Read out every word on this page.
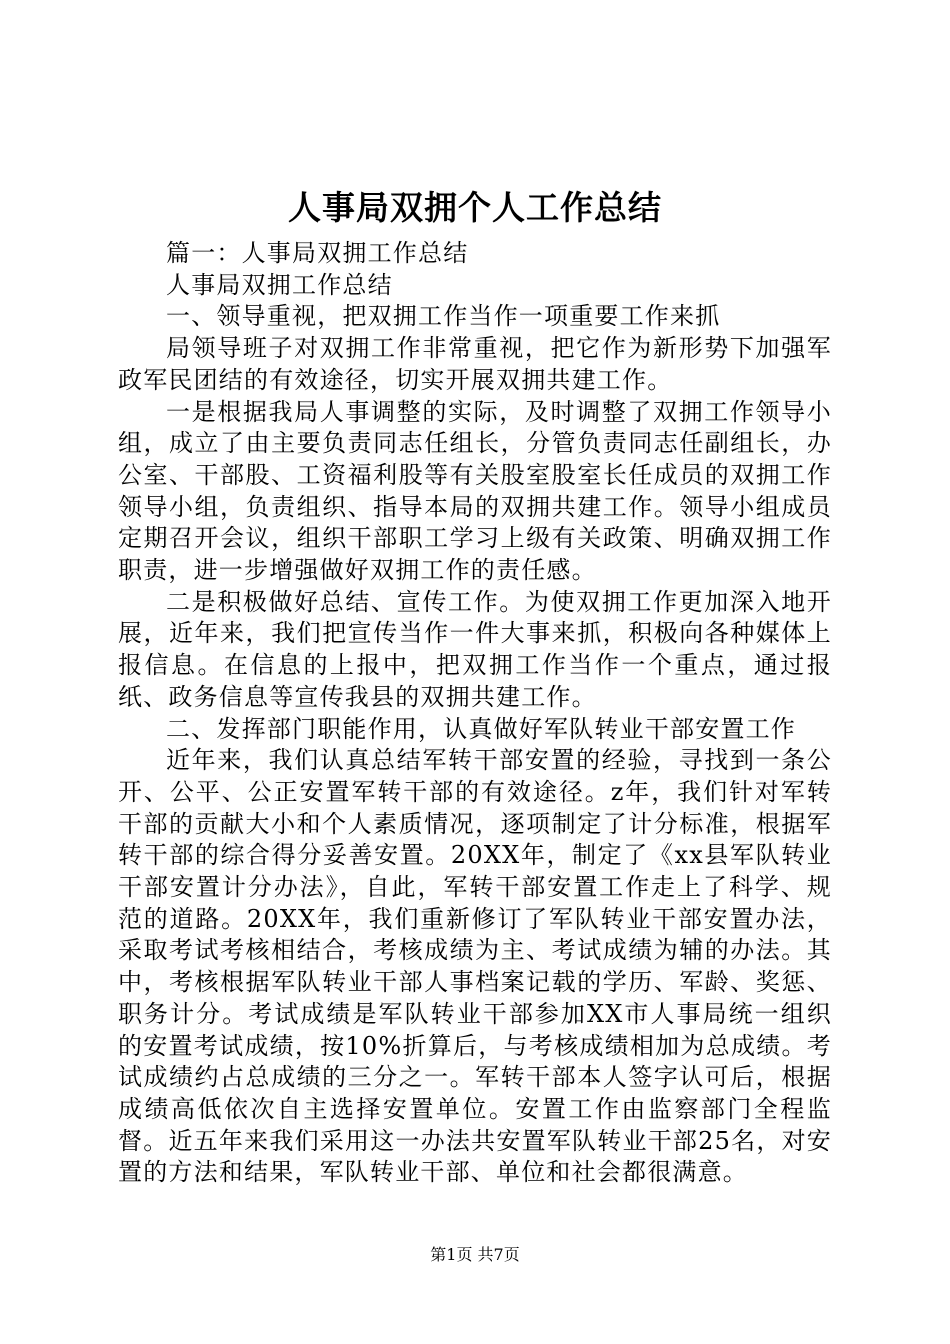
人事局双拥个人工作总结

篇一：人事局双拥工作总结

人事局双拥工作总结

一、领导重视，把双拥工作当作一项重要工作来抓

局领导班子对双拥工作非常重视，把它作为新形势下加强军政军民团结的有效途径，切实开展双拥共建工作。

一是根据我局人事调整的实际，及时调整了双拥工作领导小组，成立了由主要负责同志任组长，分管负责同志任副组长，办公室、干部股、工资福利股等有关股室股室长任成员的双拥工作领导小组，负责组织、指导本局的双拥共建工作。领导小组成员定期召开会议，组织干部职工学习上级有关政策、明确双拥工作职责，进一步增强做好双拥工作的责任感。

二是积极做好总结、宣传工作。为使双拥工作更加深入地开展，近年来，我们把宣传当作一件大事来抓，积极向各种媒体上报信息。在信息的上报中，把双拥工作当作一个重点，通过报纸、政务信息等宣传我县的双拥共建工作。

二、发挥部门职能作用，认真做好军队转业干部安置工作

近年来，我们认真总结军转干部安置的经验，寻找到一条公开、公平、公正安置军转干部的有效途径。z年，我们针对军转干部的贡献大小和个人素质情况，逐项制定了计分标准，根据军转干部的综合得分妥善安置。20XX年，制定了《xx县军队转业干部安置计分办法》，自此，军转干部安置工作走上了科学、规范的道路。20XX年，我们重新修订了军队转业干部安置办法，采取考试考核相结合，考核成绩为主、考试成绩为辅的办法。其中，考核根据军队转业干部人事档案记载的学历、军龄、奖惩、职务计分。考试成绩是军队转业干部参加XX市人事局统一组织的安置考试成绩，按10%折算后，与考核成绩相加为总成绩。考试成绩约占总成绩的三分之一。军转干部本人签字认可后，根据成绩高低依次自主选择安置单位。安置工作由监察部门全程监督。近五年来我们采用这一办法共安置军队转业干部25名，对安置的方法和结果，军队转业干部、单位和社会都很满意。

第1页 共7页
